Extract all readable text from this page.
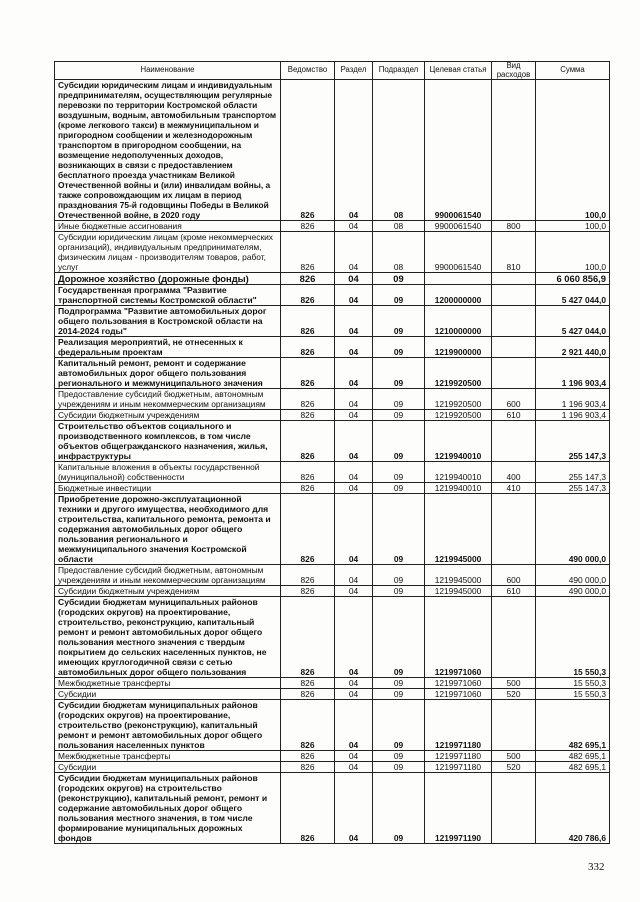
Наименование	Ведомство	Раздел	Подраздел	Целевая статья	Вид расходов	Сумма
Субсидии юридическим лицам и индивидуальным предпринимателям, осуществляющим регулярные перевозки по территории Костромской области воздушным, водным, автомобильным транспортом (кроме легкового такси) в межмуниципальном и пригородном сообщении и железнодорожным транспортом в пригородном сообщении, на возмещение недополученных доходов, возникающих в связи с предоставлением бесплатного проезда участникам Великой Отечественной войны и (или) инвалидам войны, а также сопровождающим их лицам в период празднования 75-й годовщины Победы в Великой Отечественной войне, в 2020 году	826	04	08	9900061540		100,0
Иные бюджетные ассигнования	826	04	08	9900061540	800	100,0
Субсидии юридическим лицам (кроме некоммерческих организаций), индивидуальным предпринимателям, физическим лицам - производителям товаров, работ, услуг	826	04	08	9900061540	810	100,0
Дорожное хозяйство (дорожные фонды)	826	04	09			6 060 856,9
Государственная программа "Развитие транспортной системы Костромской области"	826	04	09	1200000000		5 427 044,0
Подпрограмма "Развитие автомобильных дорог общего пользования в Костромской области на 2014-2024 годы"	826	04	09	1210000000		5 427 044,0
Реализация мероприятий, не отнесенных к федеральным проектам	826	04	09	1219900000		2 921 440,0
Капитальный ремонт, ремонт и содержание автомобильных дорог общего пользования регионального и межмуниципального значения	826	04	09	1219920500		1 196 903,4
Предоставление субсидий бюджетным, автономным учреждениям и иным некоммерческим организациям	826	04	09	1219920500	600	1 196 903,4
Субсидии бюджетным учреждениям	826	04	09	1219920500	610	1 196 903,4
Строительство объектов социального и производственного комплексов, в том числе объектов общегражданского назначения, жилья, инфраструктуры	826	04	09	1219940010		255 147,3
Капитальные вложения в объекты государственной (муниципальной) собственности	826	04	09	1219940010	400	255 147,3
Бюджетные инвестиции	826	04	09	1219940010	410	255 147,3
Приобретение дорожно-эксплуатационной техники и другого имущества, необходимого для строительства, капитального ремонта, ремонта и содержания автомобильных дорог общего пользования регионального и межмуниципального значения Костромской области	826	04	09	1219945000		490 000,0
Предоставление субсидий бюджетным, автономным учреждениям и иным некоммерческим организациям	826	04	09	1219945000	600	490 000,0
Субсидии бюджетным учреждениям	826	04	09	1219945000	610	490 000,0
Субсидии бюджетам муниципальных районов (городских округов) на проектирование, строительство, реконструкцию, капитальный ремонт и ремонт автомобильных дорог общего пользования местного значения с твердым покрытием до сельских населенных пунктов, не имеющих круглогодичной связи с сетью автомобильных дорог общего пользования	826	04	09	1219971060		15 550,3
Межбюджетные трансферты	826	04	09	1219971060	500	15 550,3
Субсидии	826	04	09	1219971060	520	15 550,3
Субсидии бюджетам муниципальных районов (городских округов) на проектирование, строительство (реконструкцию), капитальный ремонт и ремонт автомобильных дорог общего пользования населенных пунктов	826	04	09	1219971180		482 695,1
Межбюджетные трансферты	826	04	09	1219971180	500	482 695,1
Субсидии	826	04	09	1219971180	520	482 695,1
Субсидии бюджетам муниципальных районов (городских округов) на строительство (реконструкцию), капитальный ремонт, ремонт и содержание автомобильных дорог общего пользования местного значения, в том числе формирование муниципальных дорожных фондов	826	04	09	1219971190		420 786,6
332
